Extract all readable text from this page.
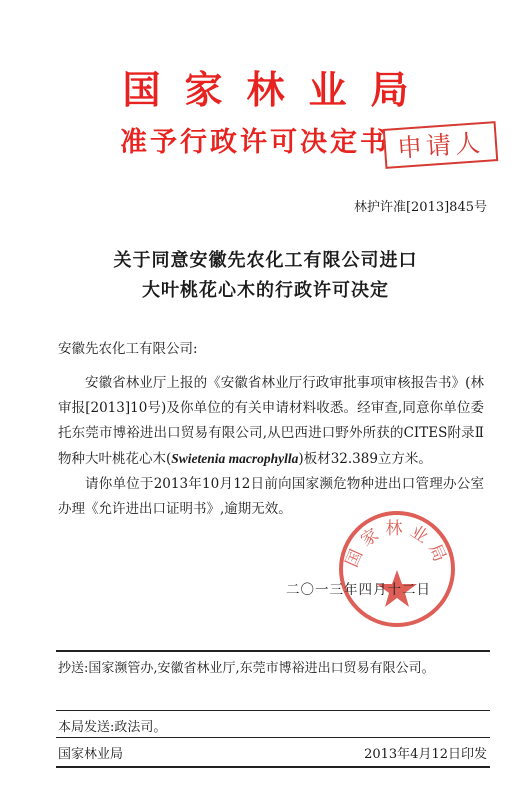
国家林业局
准予行政许可决定书 申请人
林护许准[2013]845号
关于同意安徽先农化工有限公司进口
大叶桃花心木的行政许可决定
安徽先农化工有限公司:

安徽省林业厅上报的《安徽省林业厅行政审批事项审核报告书》(林审报[2013]10号)及你单位的有关申请材料收悉。经审查,同意你单位委托东莞市博裕进出口贸易有限公司,从巴西进口野外所获的CITES附录Ⅱ物种大叶桃花心木(Swietenia macrophylla)板材32.389立方米。

请你单位于2013年10月12日前向国家濒危物种进出口管理办公室办理《允许进出口证明书》,逾期无效。

国家林业局
二〇一三年四月十二日
抄送:国家濒管办,安徽省林业厅,东莞市博裕进出口贸易有限公司。
本局发送:政法司。
国家林业局	2013年4月12日印发
